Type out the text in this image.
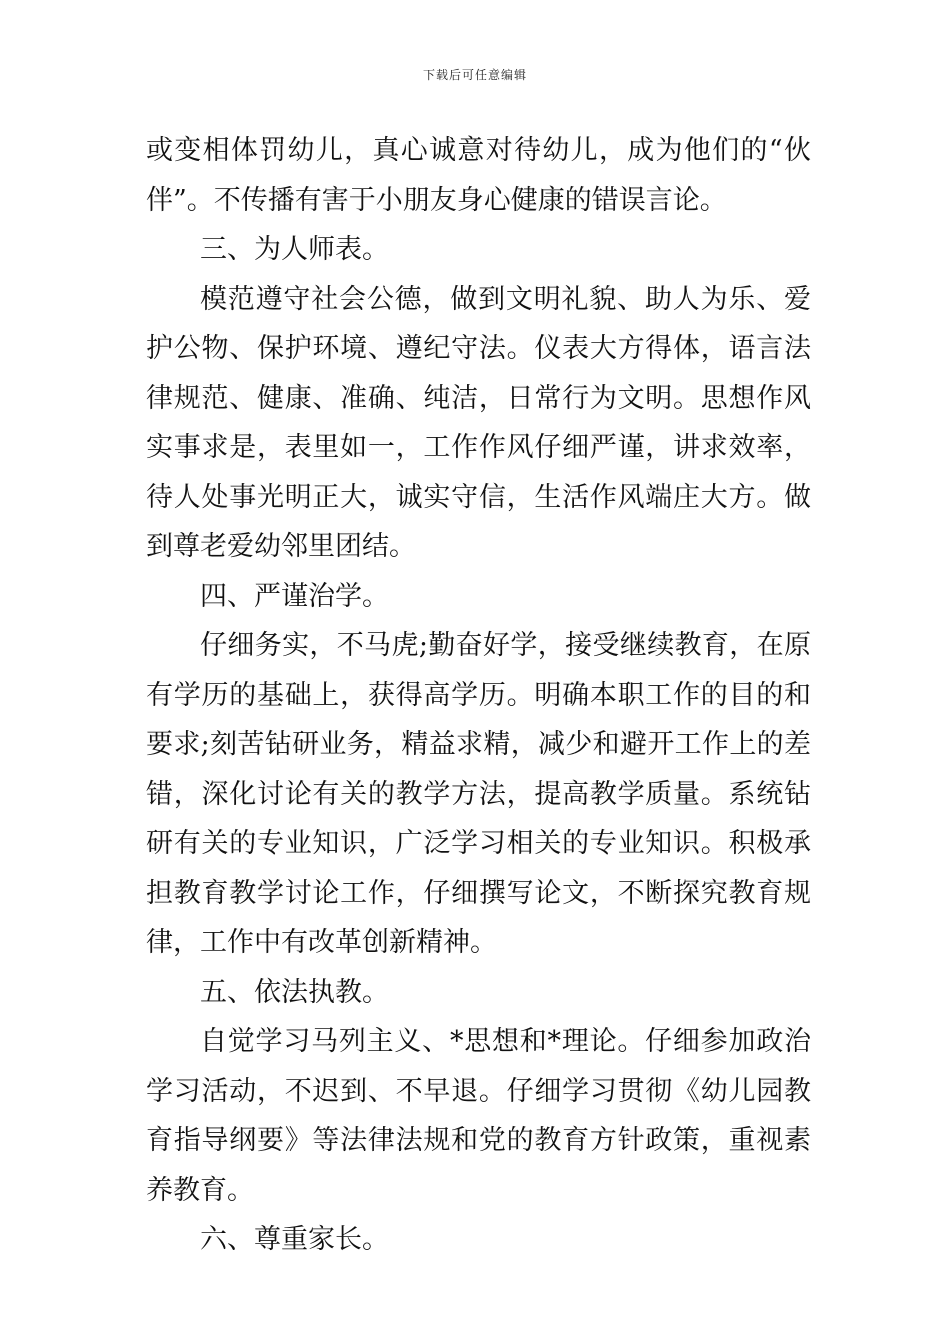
下载后可任意编辑

或变相体罚幼儿，真心诚意对待幼儿，成为他们的“伙伴”。不传播有害于小朋友身心健康的错误言论。

三、为人师表。

模范遵守社会公德，做到文明礼貌、助人为乐、爱护公物、保护环境、遵纪守法。仪表大方得体，语言法律规范、健康、准确、纯洁，日常行为文明。思想作风实事求是，表里如一，工作作风仔细严谨，讲求效率，待人处事光明正大，诚实守信，生活作风端庄大方。做到尊老爱幼邻里团结。

四、严谨治学。

仔细务实，不马虎;勤奋好学，接受继续教育，在原有学历的基础上，获得高学历。明确本职工作的目的和要求;刻苦钻研业务，精益求精，减少和避开工作上的差错，深化讨论有关的教学方法，提高教学质量。系统钻研有关的专业知识，广泛学习相关的专业知识。积极承担教育教学讨论工作，仔细撰写论文，不断探究教育规律，工作中有改革创新精神。

五、依法执教。

自觉学习马列主义、*思想和*理论。仔细参加政治学习活动，不迟到、不早退。仔细学习贯彻《幼儿园教育指导纲要》等法律法规和党的教育方针政策，重视素养教育。

六、尊重家长。
